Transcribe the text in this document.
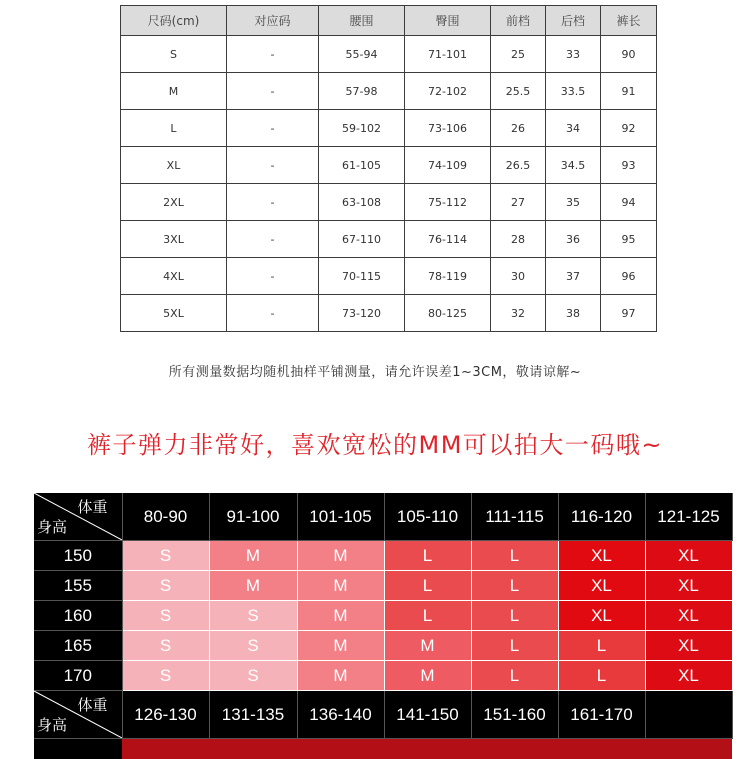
尺码(cm)	对应码	腰围	臀围	前档	后档	裤长
S	-	55-94	71-101	25	33	90
M	-	57-98	72-102	25.5	33.5	91
L	-	59-102	73-106	26	34	92
XL	-	61-105	74-109	26.5	34.5	93
2XL	-	63-108	75-112	27	35	94
3XL	-	67-110	76-114	28	36	95
4XL	-	70-115	78-119	30	37	96
5XL	-	73-120	80-125	32	38	97
所有测量数据均随机抽样平铺测量，请允许误差1~3CM，敬请谅解~
裤子弹力非常好，喜欢宽松的MM可以拍大一码哦~
体重
身高	80-90	91-100	101-105	105-110	111-115	116-120	121-125
150	S	M	M	L	L	XL	XL
155	S	M	M	L	L	XL	XL
160	S	S	M	L	L	XL	XL
165	S	S	M	M	L	L	XL
170	S	S	M	M	L	L	XL

体重
身高	126-130	131-135	136-140	141-150	151-160	161-170	
